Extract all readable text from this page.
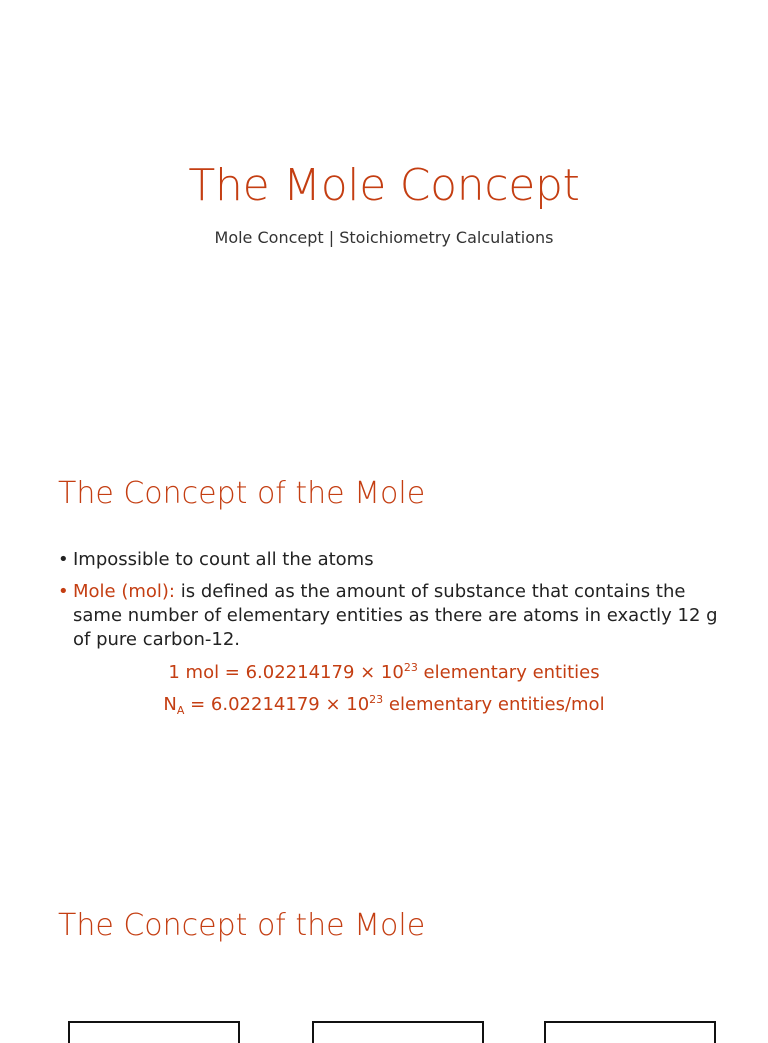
The Mole Concept
Mole Concept | Stoichiometry Calculations
The Concept of the Mole
• Impossible to count all the atoms
• Mole (mol): is defined as the amount of substance that contains the same number of elementary entities as there are atoms in exactly 12 g of pure carbon-12.
1 mol = $6.02214179 \times 10^{23}$ elementary entities
$N_A = 6.02214179 \times 10^{23}$ elementary entities/mol
The Concept of the Mole
